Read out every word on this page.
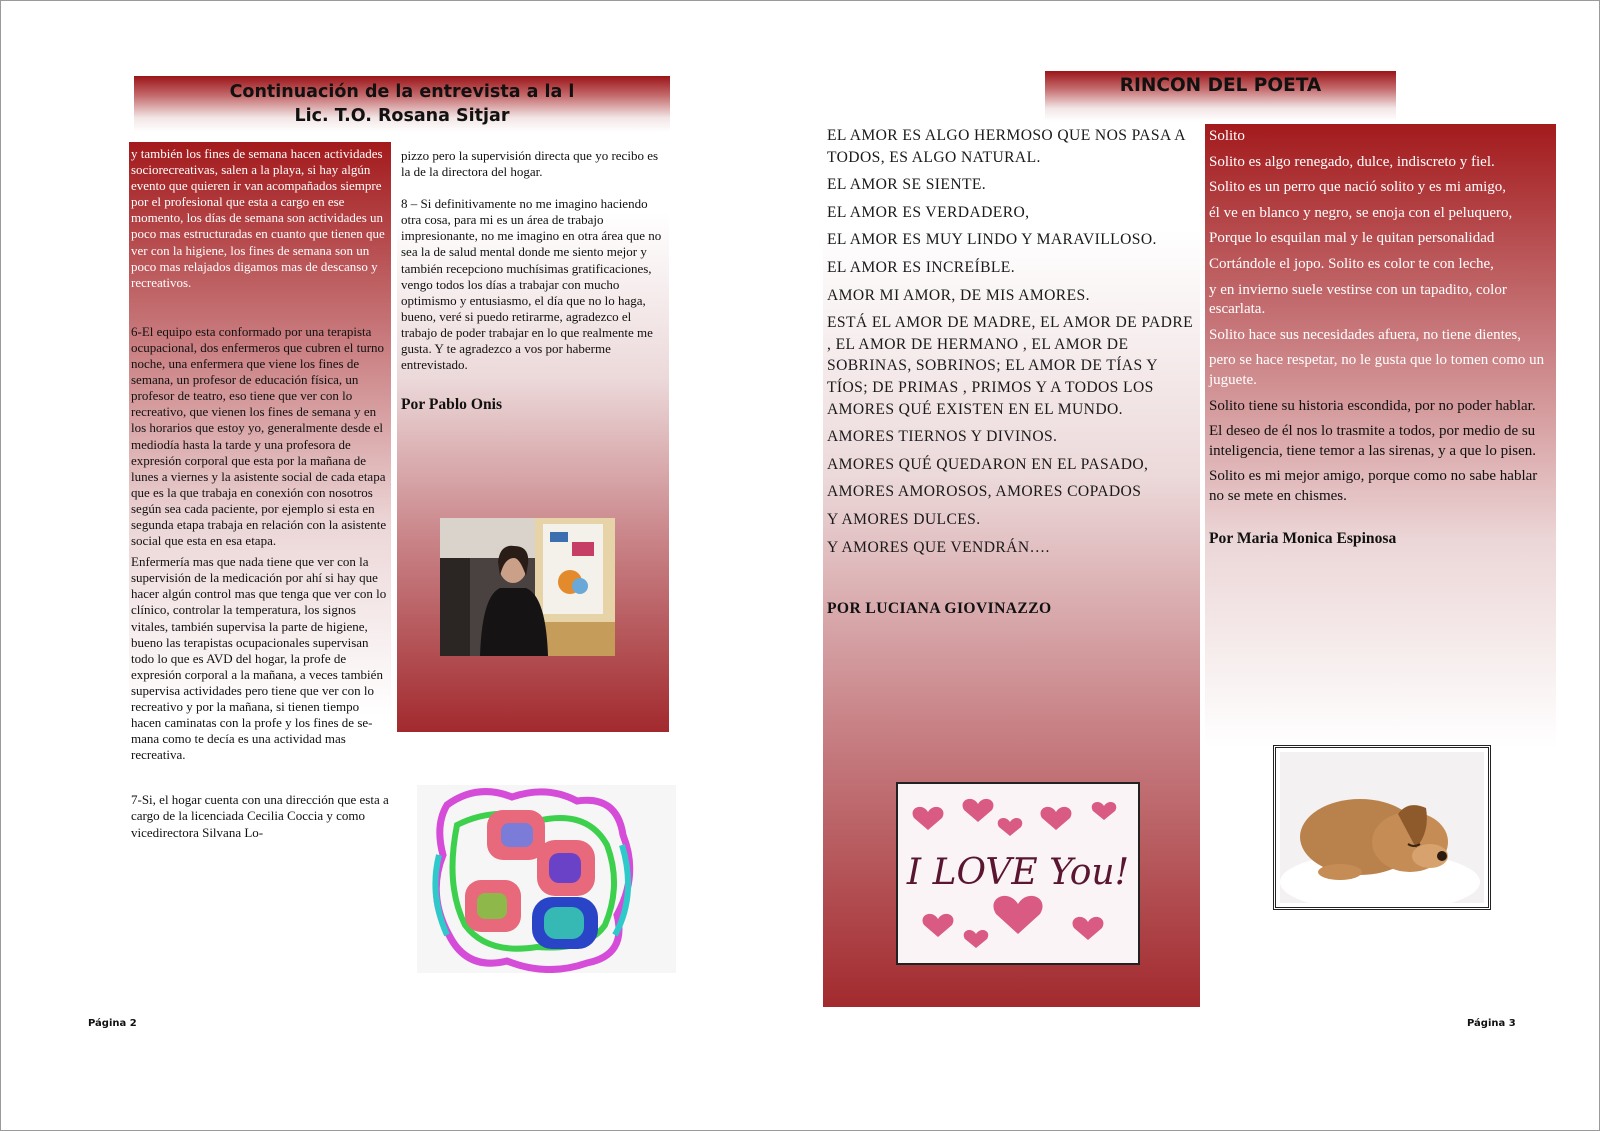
Continuación de la entrevista a la l
Lic. T.O. Rosana Sitjar

y también los fines de semana hacen actividades sociorecreativas, salen a la playa, si hay algún evento que quieren ir van acompañados siempre por el profesional que esta a cargo en ese momento, los días de semana son actividades un poco mas estructuradas en cuanto que tienen que ver con la higiene, los fines de semana son un poco mas relajados digamos mas de descanso y recreativos.

6-El equipo esta conformado por una terapista ocupacional, dos enfermeros que cubren el turno noche, una enfermera que viene los fines de semana, un profesor de educación física, un profesor de teatro, eso tiene que ver con lo recreativo, que vienen los fines de semana y en los horarios que estoy yo, generalmente desde el mediodía hasta la tarde y una profesora de expresión corporal que esta por la mañana de lunes a viernes y la asistente social de cada etapa que es la que trabaja en conexión con nosotros según sea cada paciente, por ejemplo si esta en segunda etapa trabaja en relación con la asistente social que esta en esa etapa.

Enfermería mas que nada tiene que ver con la supervisión de la medicación por ahí si hay que hacer algún control mas que tenga que ver con lo clínico, controlar la temperatura, los signos vitales, también supervisa la parte de higiene, bueno las terapistas ocupacionales supervisan todo lo que es AVD del hogar, la profe de expresión corporal a la mañana, a veces también supervisa actividades pero tiene que ver con lo recreativo y por la mañana, si tienen tiempo hacen caminatas con la profe y los fines de semana como te decía es una actividad mas recreativa.

7-Si, el hogar cuenta con una dirección que esta a cargo de la licenciada Cecilia Coccia y como vicedirectora Silvana Lo-

pizzo pero la supervisión directa que yo recibo es la de la directora del hogar.

8 – Si definitivamente no me imagino haciendo otra cosa, para mi es un área de trabajo impresionante, no me imagino en otra área que no sea la de salud mental donde me siento mejor y también recepciono muchísimas gratificaciones, vengo todos los días a trabajar con mucho optimismo y entusiasmo, el día que no lo haga, bueno, veré si puedo retirarme, agradezco el trabajo de poder trabajar en lo que realmente me gusta. Y te agradezco a vos por haberme entrevistado.

Por Pablo Onis

RINCON DEL POETA

EL AMOR ES ALGO HERMOSO QUE NOS PASA A TODOS, ES ALGO NATURAL.

EL AMOR SE SIENTE.

EL AMOR ES VERDADERO,

EL AMOR ES MUY LINDO Y MARAVILLOSO.

EL AMOR ES INCREÍBLE.

AMOR MI AMOR, DE MIS AMORES.

ESTÁ EL AMOR DE MADRE, EL AMOR DE PADRE , EL AMOR DE HERMANO , EL AMOR DE SOBRINAS, SOBRINOS; EL AMOR DE TÍAS Y TÍOS; DE PRIMAS , PRIMOS Y A TODOS LOS AMORES QUÉ EXISTEN EN EL MUNDO.

AMORES TIERNOS Y DIVINOS.

AMORES QUÉ QUEDARON EN EL PASADO,

AMORES AMOROSOS, AMORES COPADOS

Y AMORES DULCES.

Y AMORES QUE VENDRÁN….

POR LUCIANA GIOVINAZZO

I LOVE You!

Solito

Solito es algo renegado, dulce, indiscreto y fiel.

Solito es un perro que nació solito y es mi amigo,

él ve en blanco y negro, se enoja con el peluquero,

Porque lo esquilan mal y le quitan personalidad

Cortándole el jopo. Solito es color te con leche,

y en invierno suele vestirse con un tapadito, color escarlata.

Solito hace sus necesidades afuera, no tiene dientes,

pero se hace respetar, no le gusta que lo tomen como un juguete.

Solito tiene su historia escondida, por no poder hablar.

El deseo de él nos lo trasmite a todos, por medio de su inteligencia, tiene temor a las sirenas, y a que lo pisen.

Solito es mi mejor amigo, porque como no sabe hablar no se mete en chismes.

Por Maria Monica Espinosa

Página 2	Página 3
